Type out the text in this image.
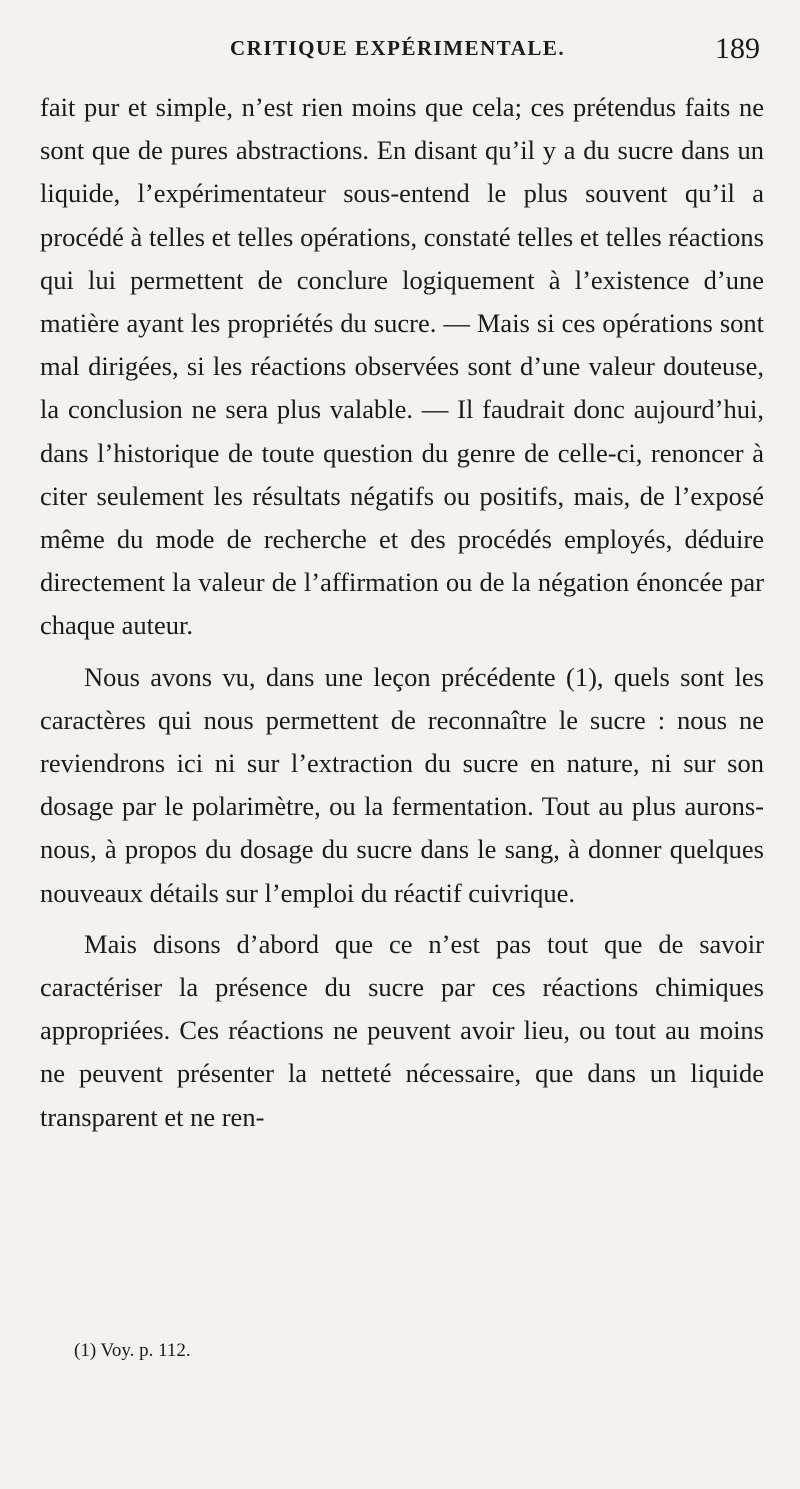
CRITIQUE EXPÉRIMENTALE.	189

fait pur et simple, n’est rien moins que cela; ces prétendus faits ne sont que de pures abstractions. En disant qu’il y a du sucre dans un liquide, l’expérimentateur sous-entend le plus souvent qu’il a procédé à telles et telles opérations, constaté telles et telles réactions qui lui permettent de conclure logiquement à l’existence d’une matière ayant les propriétés du sucre. — Mais si ces opérations sont mal dirigées, si les réactions observées sont d’une valeur douteuse, la conclusion ne sera plus valable. — Il faudrait donc aujourd’hui, dans l’historique de toute question du genre de celle-ci, renoncer à citer seulement les résultats négatifs ou positifs, mais, de l’exposé même du mode de recherche et des procédés employés, déduire directement la valeur de l’affirmation ou de la négation énoncée par chaque auteur.

Nous avons vu, dans une leçon précédente (1), quels sont les caractères qui nous permettent de reconnaître le sucre : nous ne reviendrons ici ni sur l’extraction du sucre en nature, ni sur son dosage par le polarimètre, ou la fermentation. Tout au plus aurons-nous, à propos du dosage du sucre dans le sang, à donner quelques nouveaux détails sur l’emploi du réactif cuivrique.

Mais disons d’abord que ce n’est pas tout que de savoir caractériser la présence du sucre par ces réactions chimiques appropriées. Ces réactions ne peuvent avoir lieu, ou tout au moins ne peuvent présenter la netteté nécessaire, que dans un liquide transparent et ne ren-

(1) Voy. p. 112.
